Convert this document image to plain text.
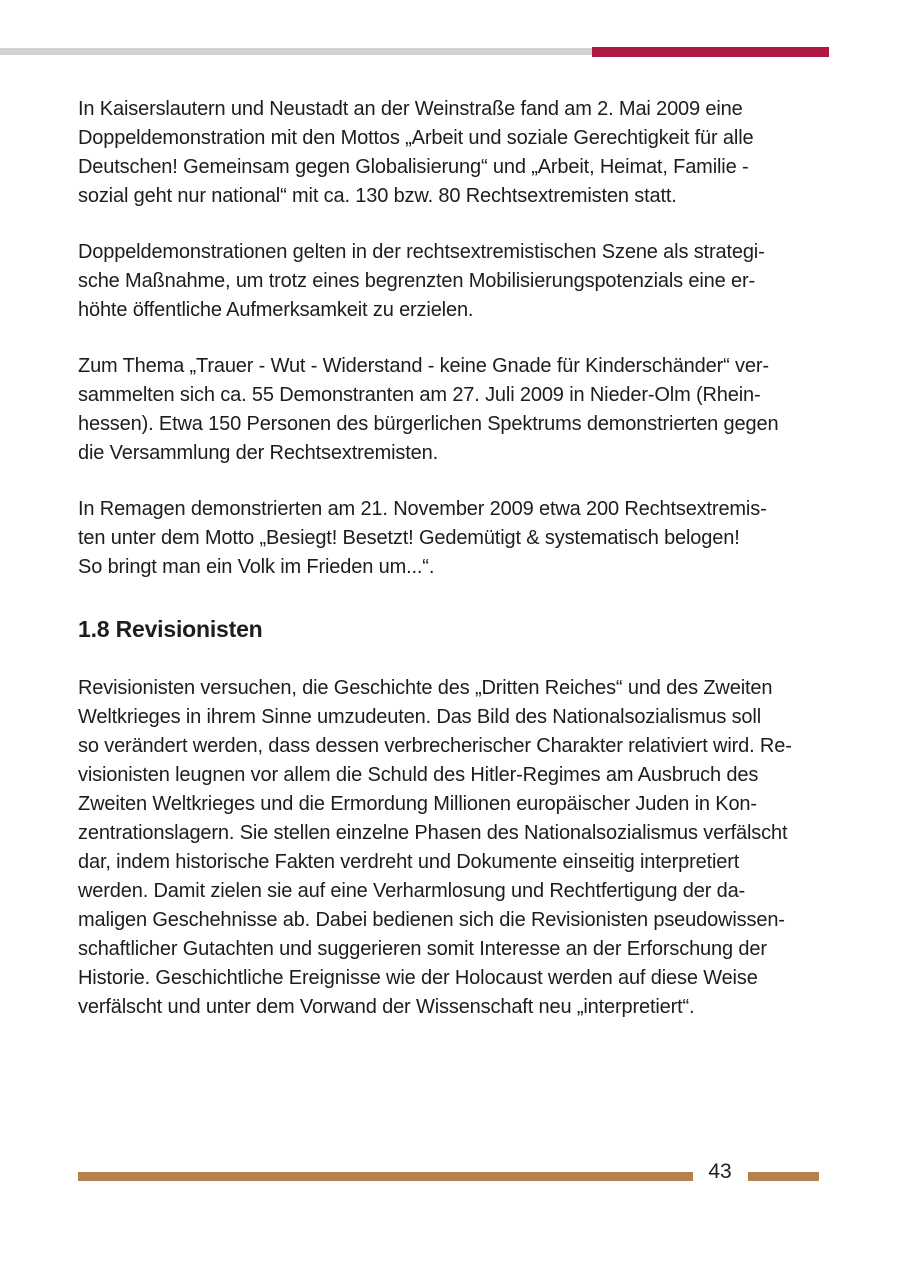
In Kaiserslautern und Neustadt an der Weinstraße fand am 2. Mai 2009 eine
Doppeldemonstration mit den Mottos „Arbeit und soziale Gerechtigkeit für alle
Deutschen! Gemeinsam gegen Globalisierung“ und „Arbeit, Heimat, Familie -
sozial geht nur national“ mit ca. 130 bzw. 80 Rechtsextremisten statt.

Doppeldemonstrationen gelten in der rechtsextremistischen Szene als strategi-
sche Maßnahme, um trotz eines begrenzten Mobilisierungspotenzials eine er-
höhte öffentliche Aufmerksamkeit zu erzielen.

Zum Thema „Trauer - Wut - Widerstand - keine Gnade für Kinderschänder“ ver-
sammelten sich ca. 55 Demonstranten am 27. Juli 2009 in Nieder-Olm (Rhein-
hessen). Etwa 150 Personen des bürgerlichen Spektrums demonstrierten gegen
die Versammlung der Rechtsextremisten.

In Remagen demonstrierten am 21. November 2009 etwa 200 Rechtsextremis-
ten unter dem Motto „Besiegt! Besetzt! Gedemütigt & systematisch belogen!
So bringt man ein Volk im Frieden um...“.

1.8 Revisionisten

Revisionisten versuchen, die Geschichte des „Dritten Reiches“ und des Zweiten
Weltkrieges in ihrem Sinne umzudeuten. Das Bild des Nationalsozialismus soll
so verändert werden, dass dessen verbrecherischer Charakter relativiert wird. Re-
visionisten leugnen vor allem die Schuld des Hitler-Regimes am Ausbruch des
Zweiten Weltkrieges und die Ermordung Millionen europäischer Juden in Kon-
zentrationslagern. Sie stellen einzelne Phasen des Nationalsozialismus verfälscht
dar, indem historische Fakten verdreht und Dokumente einseitig interpretiert
werden. Damit zielen sie auf eine Verharmlosung und Rechtfertigung der da-
maligen Geschehnisse ab. Dabei bedienen sich die Revisionisten pseudowissen-
schaftlicher Gutachten und suggerieren somit Interesse an der Erforschung der
Historie. Geschichtliche Ereignisse wie der Holocaust werden auf diese Weise
verfälscht und unter dem Vorwand der Wissenschaft neu „interpretiert“.

43
